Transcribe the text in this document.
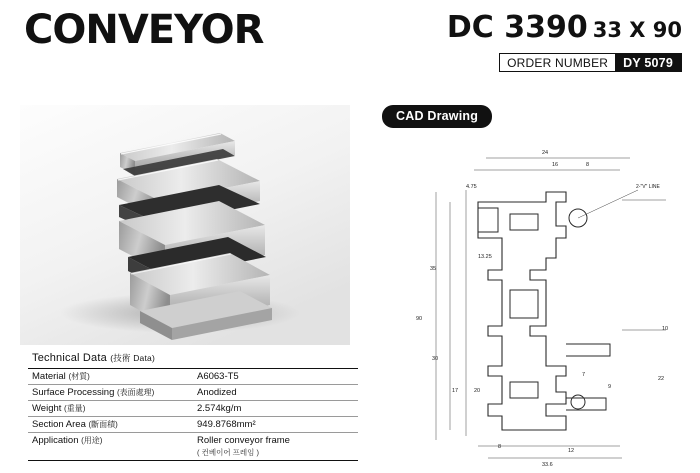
CONVEYOR	DC 3390 33 X 90
ORDER NUMBER	DY 5079
Technical Data (技術 Data)
Material (材質)	A6063-T5
Surface Processing (表面處理)	Anodized
Weight (重量)	2.574kg/m
Section Area (斷面積)	949.8768mm²
Application (用途)	Roller conveyor frame
( 컨베이어 프레임 )
CAD Drawing
24
16	8
4.75
13.25
35
90
30
17
10
12
7
20
22
9
8
33.6
2-"V" LINE
